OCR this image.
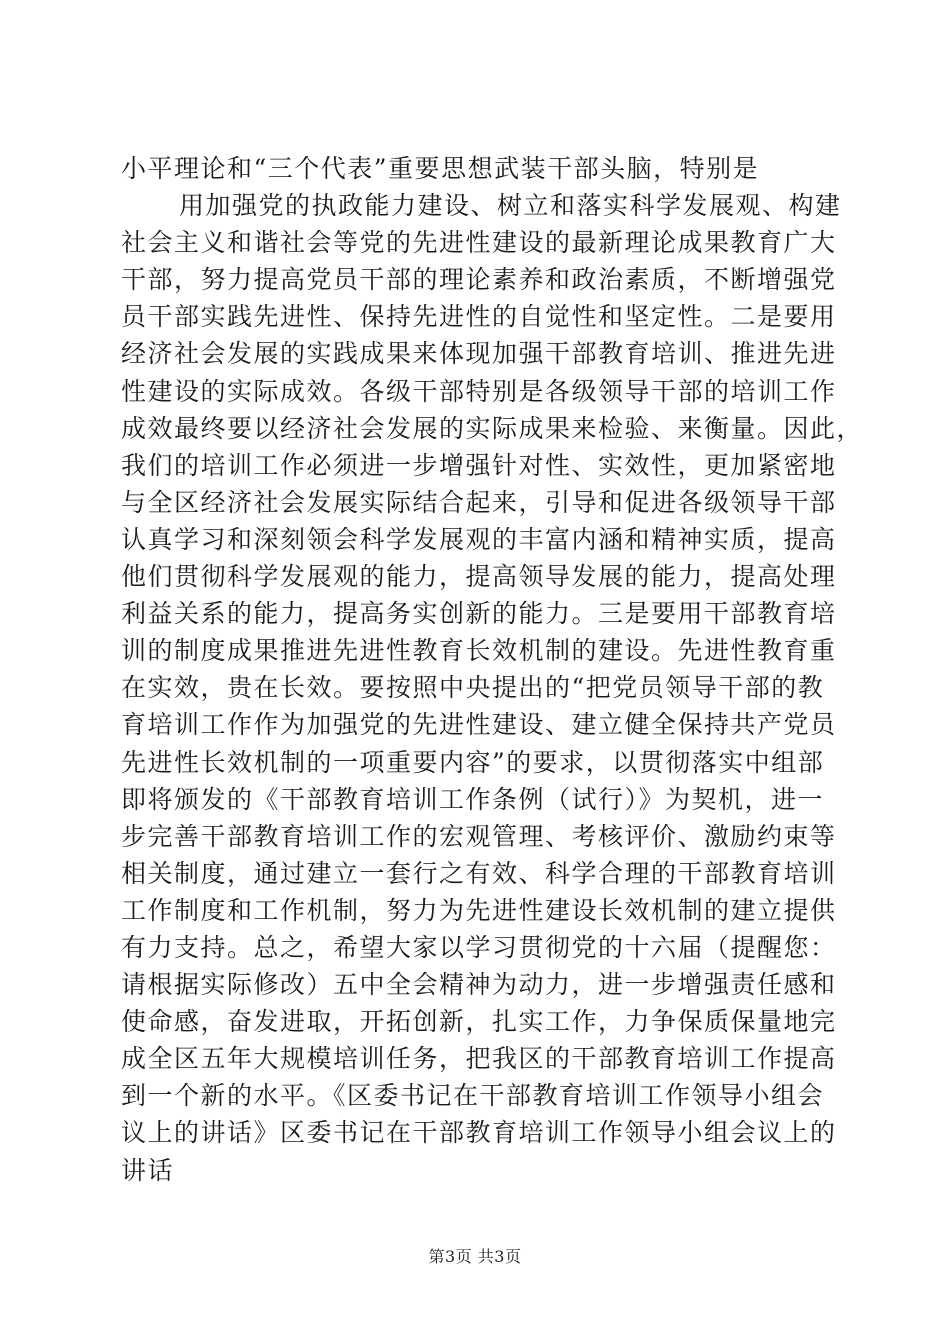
小平理论和“三个代表”重要思想武装干部头脑，特别是
用加强党的执政能力建设、树立和落实科学发展观、构建
社会主义和谐社会等党的先进性建设的最新理论成果教育广大
干部，努力提高党员干部的理论素养和政治素质，不断增强党
员干部实践先进性、保持先进性的自觉性和坚定性。二是要用
经济社会发展的实践成果来体现加强干部教育培训、推进先进
性建设的实际成效。各级干部特别是各级领导干部的培训工作
成效最终要以经济社会发展的实际成果来检验、来衡量。因此，
我们的培训工作必须进一步增强针对性、实效性，更加紧密地
与全区经济社会发展实际结合起来，引导和促进各级领导干部
认真学习和深刻领会科学发展观的丰富内涵和精神实质，提高
他们贯彻科学发展观的能力，提高领导发展的能力，提高处理
利益关系的能力，提高务实创新的能力。三是要用干部教育培
训的制度成果推进先进性教育长效机制的建设。先进性教育重
在实效，贵在长效。要按照中央提出的“把党员领导干部的教
育培训工作作为加强党的先进性建设、建立健全保持共产党员
先进性长效机制的一项重要内容”的要求，以贯彻落实中组部
即将颁发的《干部教育培训工作条例（试行）》为契机，进一
步完善干部教育培训工作的宏观管理、考核评价、激励约束等
相关制度，通过建立一套行之有效、科学合理的干部教育培训
工作制度和工作机制，努力为先进性建设长效机制的建立提供
有力支持。总之，希望大家以学习贯彻党的十六届（提醒您：
请根据实际修改）五中全会精神为动力，进一步增强责任感和
使命感，奋发进取，开拓创新，扎实工作，力争保质保量地完
成全区五年大规模培训任务，把我区的干部教育培训工作提高
到一个新的水平。《区委书记在干部教育培训工作领导小组会
议上的讲话》区委书记在干部教育培训工作领导小组会议上的
讲话
第3页 共3页
